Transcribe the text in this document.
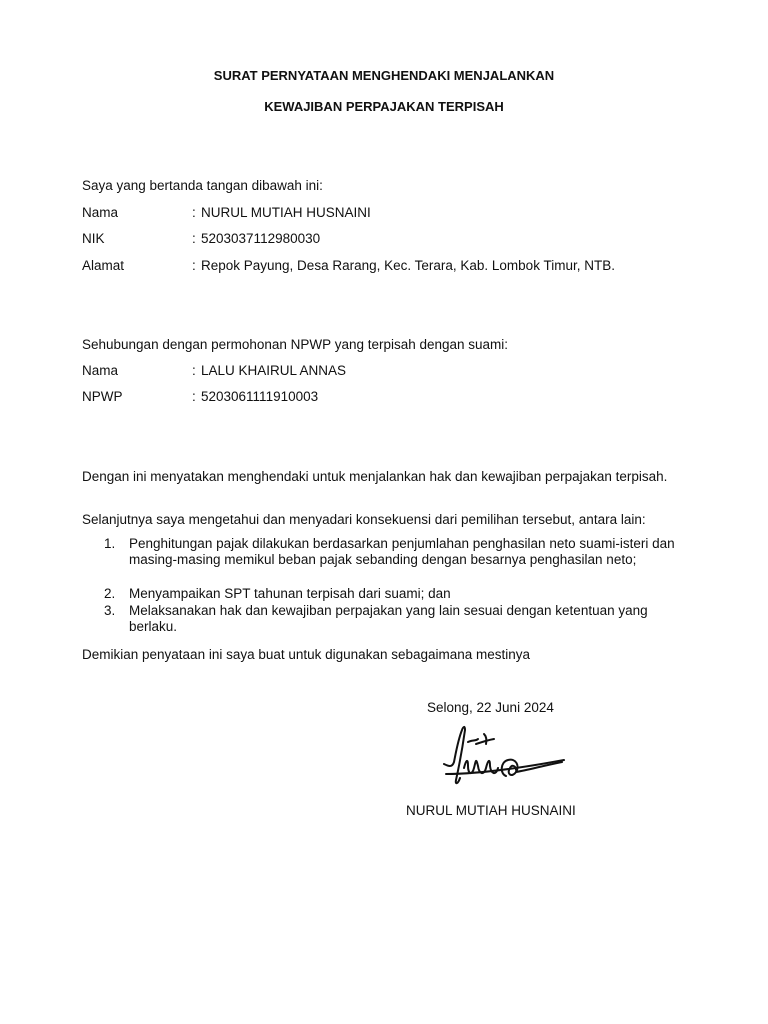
SURAT PERNYATAAN MENGHENDAKI MENJALANKAN
KEWAJIBAN PERPAJAKAN TERPISAH
Saya yang bertanda tangan dibawah ini:
Nama	: NURUL MUTIAH HUSNAINI
NIK	: 5203037112980030
Alamat	: Repok Payung, Desa Rarang, Kec. Terara, Kab. Lombok Timur, NTB.
Sehubungan dengan permohonan NPWP yang terpisah dengan suami:
Nama	: LALU KHAIRUL ANNAS
NPWP	: 5203061111910003
Dengan ini menyatakan menghendaki untuk menjalankan hak dan kewajiban perpajakan terpisah.
Selanjutnya saya mengetahui dan menyadari konsekuensi dari pemilihan tersebut, antara lain:
1. Penghitungan pajak dilakukan berdasarkan penjumlahan penghasilan neto suami-isteri dan masing-masing memikul beban pajak sebanding dengan besarnya penghasilan neto;
2. Menyampaikan SPT tahunan terpisah dari suami; dan
3. Melaksanakan hak dan kewajiban perpajakan yang lain sesuai dengan ketentuan yang berlaku.
Demikian penyataan ini saya buat untuk digunakan sebagaimana mestinya
Selong, 22 Juni 2024
NURUL MUTIAH HUSNAINI
